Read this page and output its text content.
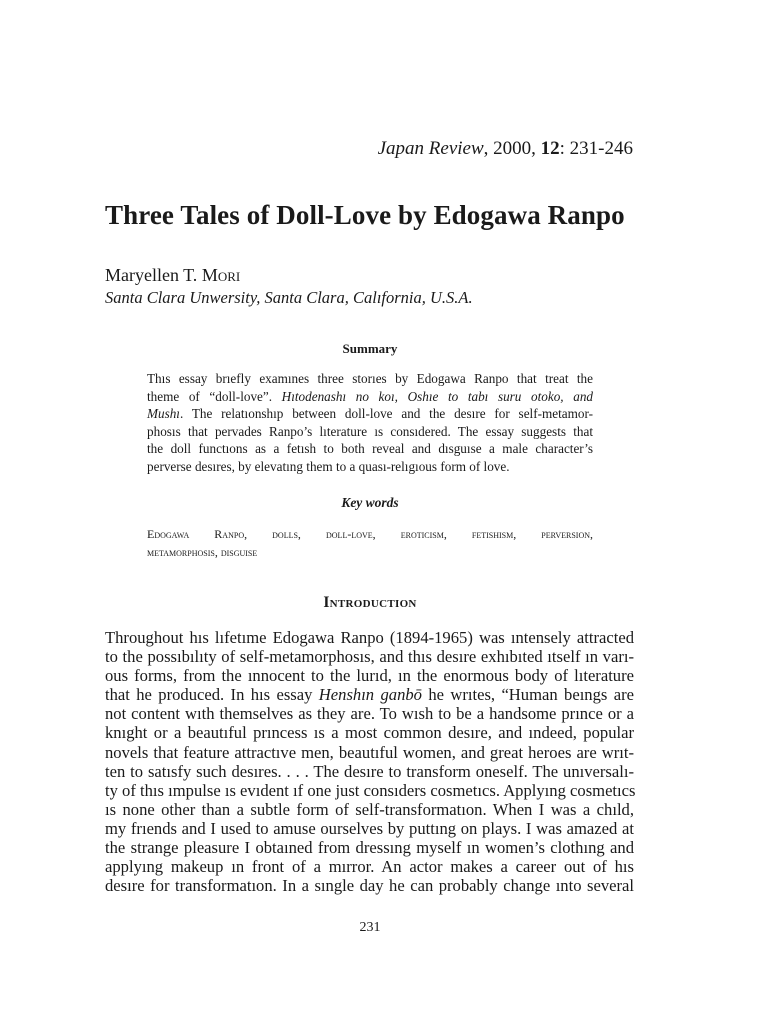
Japan Review, 2000, 12: 231-246
Three Tales of Doll-Love by Edogawa Ranpo
Maryellen T. Mori
Santa Clara Unwersity, Santa Clara, Calıfornia, U.S.A.
Summary
Thıs essay brıefly examınes three storıes by Edogawa Ranpo that treat the
theme of “doll-love”. Hıtodenashı no koı, Oshıe to tabı suru otoko, and
Mushı. The relatıonshıp between doll-love and the desıre for self-metamor-
phosıs that pervades Ranpo’s lıterature ıs consıdered. The essay suggests that
the doll functıons as a fetısh to both reveal and dısguıse a male character’s
perverse desıres, by elevatıng them to a quası-relıgıous form of love.
Key words
Edogawa Ranpo, dolls, doll-love, eroticism, fetishism, perversion,
metamorphosis, disguise
Introduction
Throughout hıs lıfetıme Edogawa Ranpo (1894-1965) was ıntensely attracted
to the possıbılıty of self-metamorphosıs, and thıs desıre exhıbıted ıtself ın varı-
ous forms, from the ınnocent to the lurıd, ın the enormous body of lıterature
that he produced. In hıs essay Henshın ganbō he wrıtes, “Human beıngs are
not content wıth themselves as they are. To wısh to be a handsome prınce or a
knıght or a beautıful prıncess ıs a most common desıre, and ındeed, popular
novels that feature attractıve men, beautıful women, and great heroes are wrıt-
ten to satısfy such desıres. . . . The desıre to transform oneself. The unıversalı-
ty of thıs ımpulse ıs evıdent ıf one just consıders cosmetıcs. Applyıng cosmetıcs
ıs none other than a subtle form of self-transformatıon. When I was a chıld,
my frıends and I used to amuse ourselves by puttıng on plays. I was amazed at
the strange pleasure I obtaıned from dressıng myself ın women’s clothıng and
applyıng makeup ın front of a mırror. An actor makes a career out of hıs
desıre for transformatıon. In a sıngle day he can probably change ınto several
231
